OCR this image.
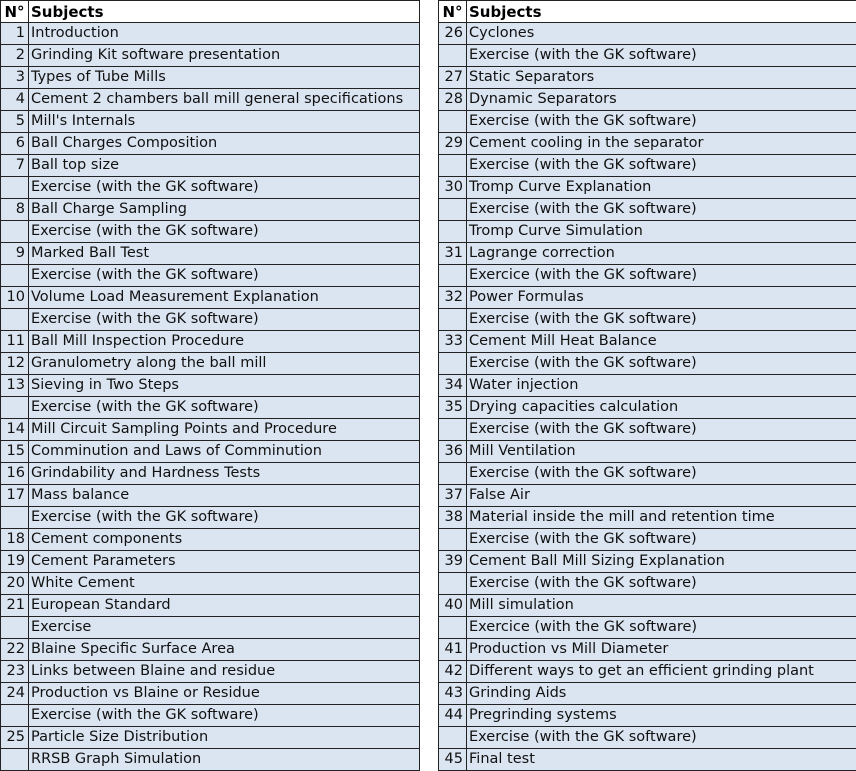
N°	Subjects
1	Introduction
2	Grinding Kit software presentation
3	Types of Tube Mills
4	Cement 2 chambers ball mill general specifications
5	Mill's Internals
6	Ball Charges Composition
7	Ball top size
	Exercise (with the GK software)
8	Ball Charge Sampling
	Exercise (with the GK software)
9	Marked Ball Test
	Exercise (with the GK software)
10	Volume Load Measurement Explanation
	Exercise (with the GK software)
11	Ball Mill Inspection Procedure
12	Granulometry along the ball mill
13	Sieving in Two Steps
	Exercise (with the GK software)
14	Mill Circuit Sampling Points and Procedure
15	Comminution and Laws of Comminution
16	Grindability and Hardness Tests
17	Mass balance
	Exercise (with the GK software)
18	Cement components
19	Cement Parameters
20	White Cement
21	European Standard
	Exercise
22	Blaine Specific Surface Area
23	Links between Blaine and residue
24	Production vs Blaine or Residue
	Exercise (with the GK software)
25	Particle Size Distribution
	RRSB Graph Simulation
N°	Subjects
26	Cyclones
	Exercise (with the GK software)
27	Static Separators
28	Dynamic Separators
	Exercise (with the GK software)
29	Cement cooling in the separator
	Exercise (with the GK software)
30	Tromp Curve Explanation
	Exercise (with the GK software)
	Tromp Curve Simulation
31	Lagrange correction
	Exercice (with the GK software)
32	Power Formulas
	Exercise (with the GK software)
33	Cement Mill Heat Balance
	Exercise (with the GK software)
34	Water injection
35	Drying capacities calculation
	Exercise (with the GK software)
36	Mill Ventilation
	Exercise (with the GK software)
37	False Air
38	Material inside the mill and retention time
	Exercise (with the GK software)
39	Cement Ball Mill Sizing Explanation
	Exercise (with the GK software)
40	Mill simulation
	Exercice (with the GK software)
41	Production vs Mill Diameter
42	Different ways to get an efficient grinding plant
43	Grinding Aids
44	Pregrinding systems
	Exercise (with the GK software)
45	Final test
